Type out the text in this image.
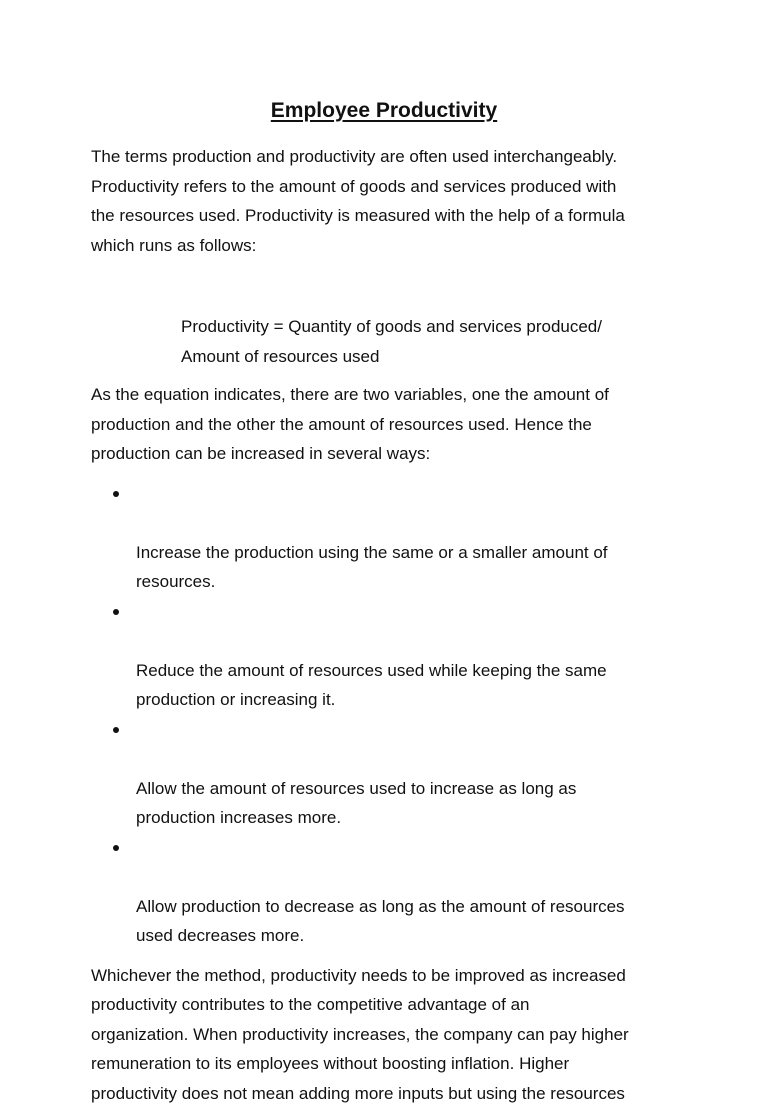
Employee Productivity

The terms production and productivity are often used interchangeably.
Productivity refers to the amount of goods and services produced with
the resources used. Productivity is measured with the help of a formula
which runs as follows:

Productivity = Quantity of goods and services produced/
Amount of resources used

As the equation indicates, there are two variables, one the amount of
production and the other the amount of resources used. Hence the
production can be increased in several ways:

Increase the production using the same or a smaller amount of
resources.

Reduce the amount of resources used while keeping the same
production or increasing it.

Allow the amount of resources used to increase as long as
production increases more.

Allow production to decrease as long as the amount of resources
used decreases more.

Whichever the method, productivity needs to be improved as increased
productivity contributes to the competitive advantage of an
organization. When productivity increases, the company can pay higher
remuneration to its employees without boosting inflation. Higher
productivity does not mean adding more inputs but using the resources
